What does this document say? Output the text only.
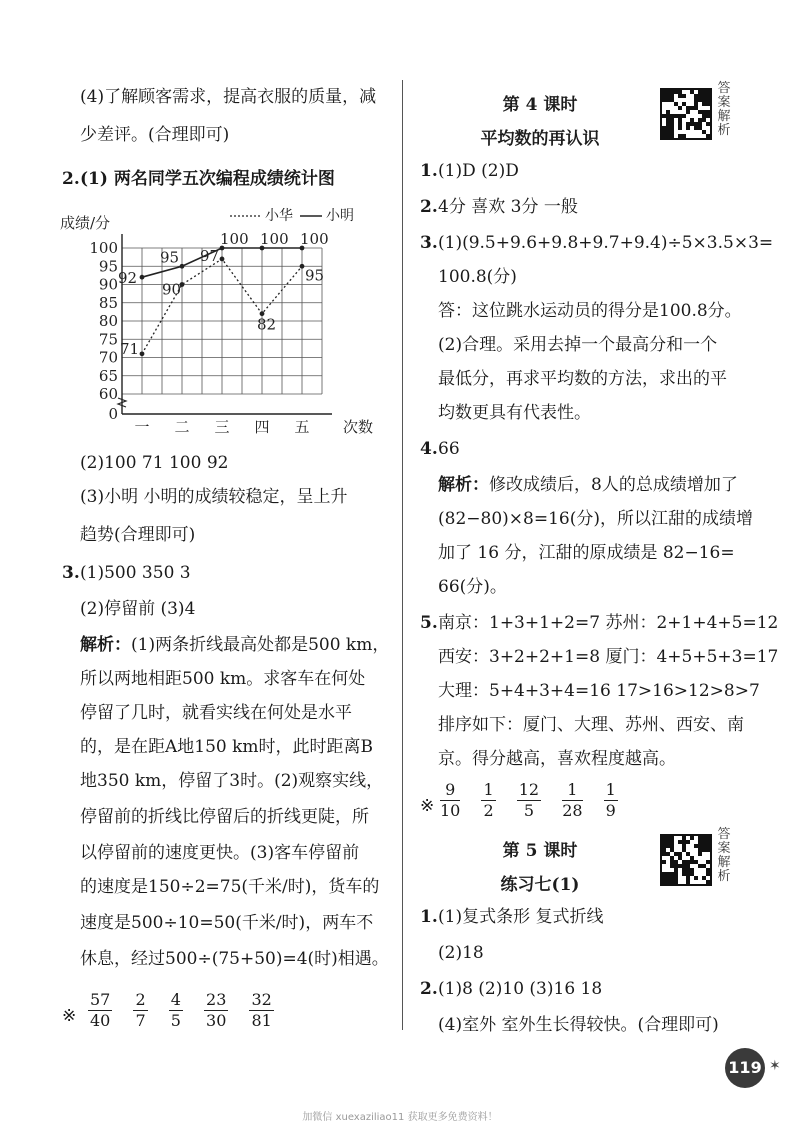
(4)了解顾客需求，提高衣服的质量，减
少差评。(合理即可)
2. (1) 两名同学五次编程成绩统计图
0
60
65
70
75
80
85
90
95
100
一 二 三 四 五 次数
成绩/分	小华 小明
71
90
97
82
95
92
95
100 100 100
(2)100 71 100 92
(3)小明 小明的成绩较稳定，呈上升
趋势(合理即可)
3. (1)500 350 3
(2)停留前 (3)4
解析：(1)两条折线最高处都是500 km，
所以两地相距500 km。求客车在何处
停留了几时，就看实线在何处是水平
的，是在距A地150 km时，此时距离B
地350 km，停留了3时。(2)观察实线，
停留前的折线比停留后的折线更陡，所
以停留前的速度更快。(3)客车停留前
的速度是150÷2=75(千米/时)，货车的
速度是500÷10=50(千米/时)，两车不
休息，经过500÷(75+50)=4(时)相遇。
※ $\frac{57}{40}$
$\frac{2}{7}$
$\frac{4}{5}$
$\frac{23}{30}$
$\frac{32}{81}$
第 4 课时
平均数的再认识
答案解析
1. (1)D (2)D
2. 4分 喜欢 3分 一般
3. (1)(9.5+9.6+9.8+9.7+9.4)÷5×3.5×3=
100.8(分)
答：这位跳水运动员的得分是100.8分。
(2)合理。采用去掉一个最高分和一个
最低分，再求平均数的方法，求出的平
均数更具有代表性。
4. 66
解析：修改成绩后，8人的总成绩增加了
(82−80)×8=16(分)，所以江甜的成绩增
加了 16 分，江甜的原成绩是 82−16=
66(分)。
5. 南京：1+3+1+2=7 苏州：2+1+4+5=12
西安：3+2+2+1=8 厦门：4+5+5+3=17
大理：5+4+3+4=16 17>16>12>8>7
排序如下：厦门、大理、苏州、西安、南
京。得分越高，喜欢程度越高。
※ $\frac{9}{10}$
$\frac{1}{2}$
$\frac{12}{5}$
$\frac{1}{28}$
$\frac{1}{9}$
第 5 课时
练习七(1)
答案解析
1. (1)复式条形 复式折线
(2)18
2. (1)8 (2)10 (3)16 18
(4)室外 室外生长得较快。(合理即可)
119 ✶
加微信 xuexaziliao11 获取更多免费资料！
